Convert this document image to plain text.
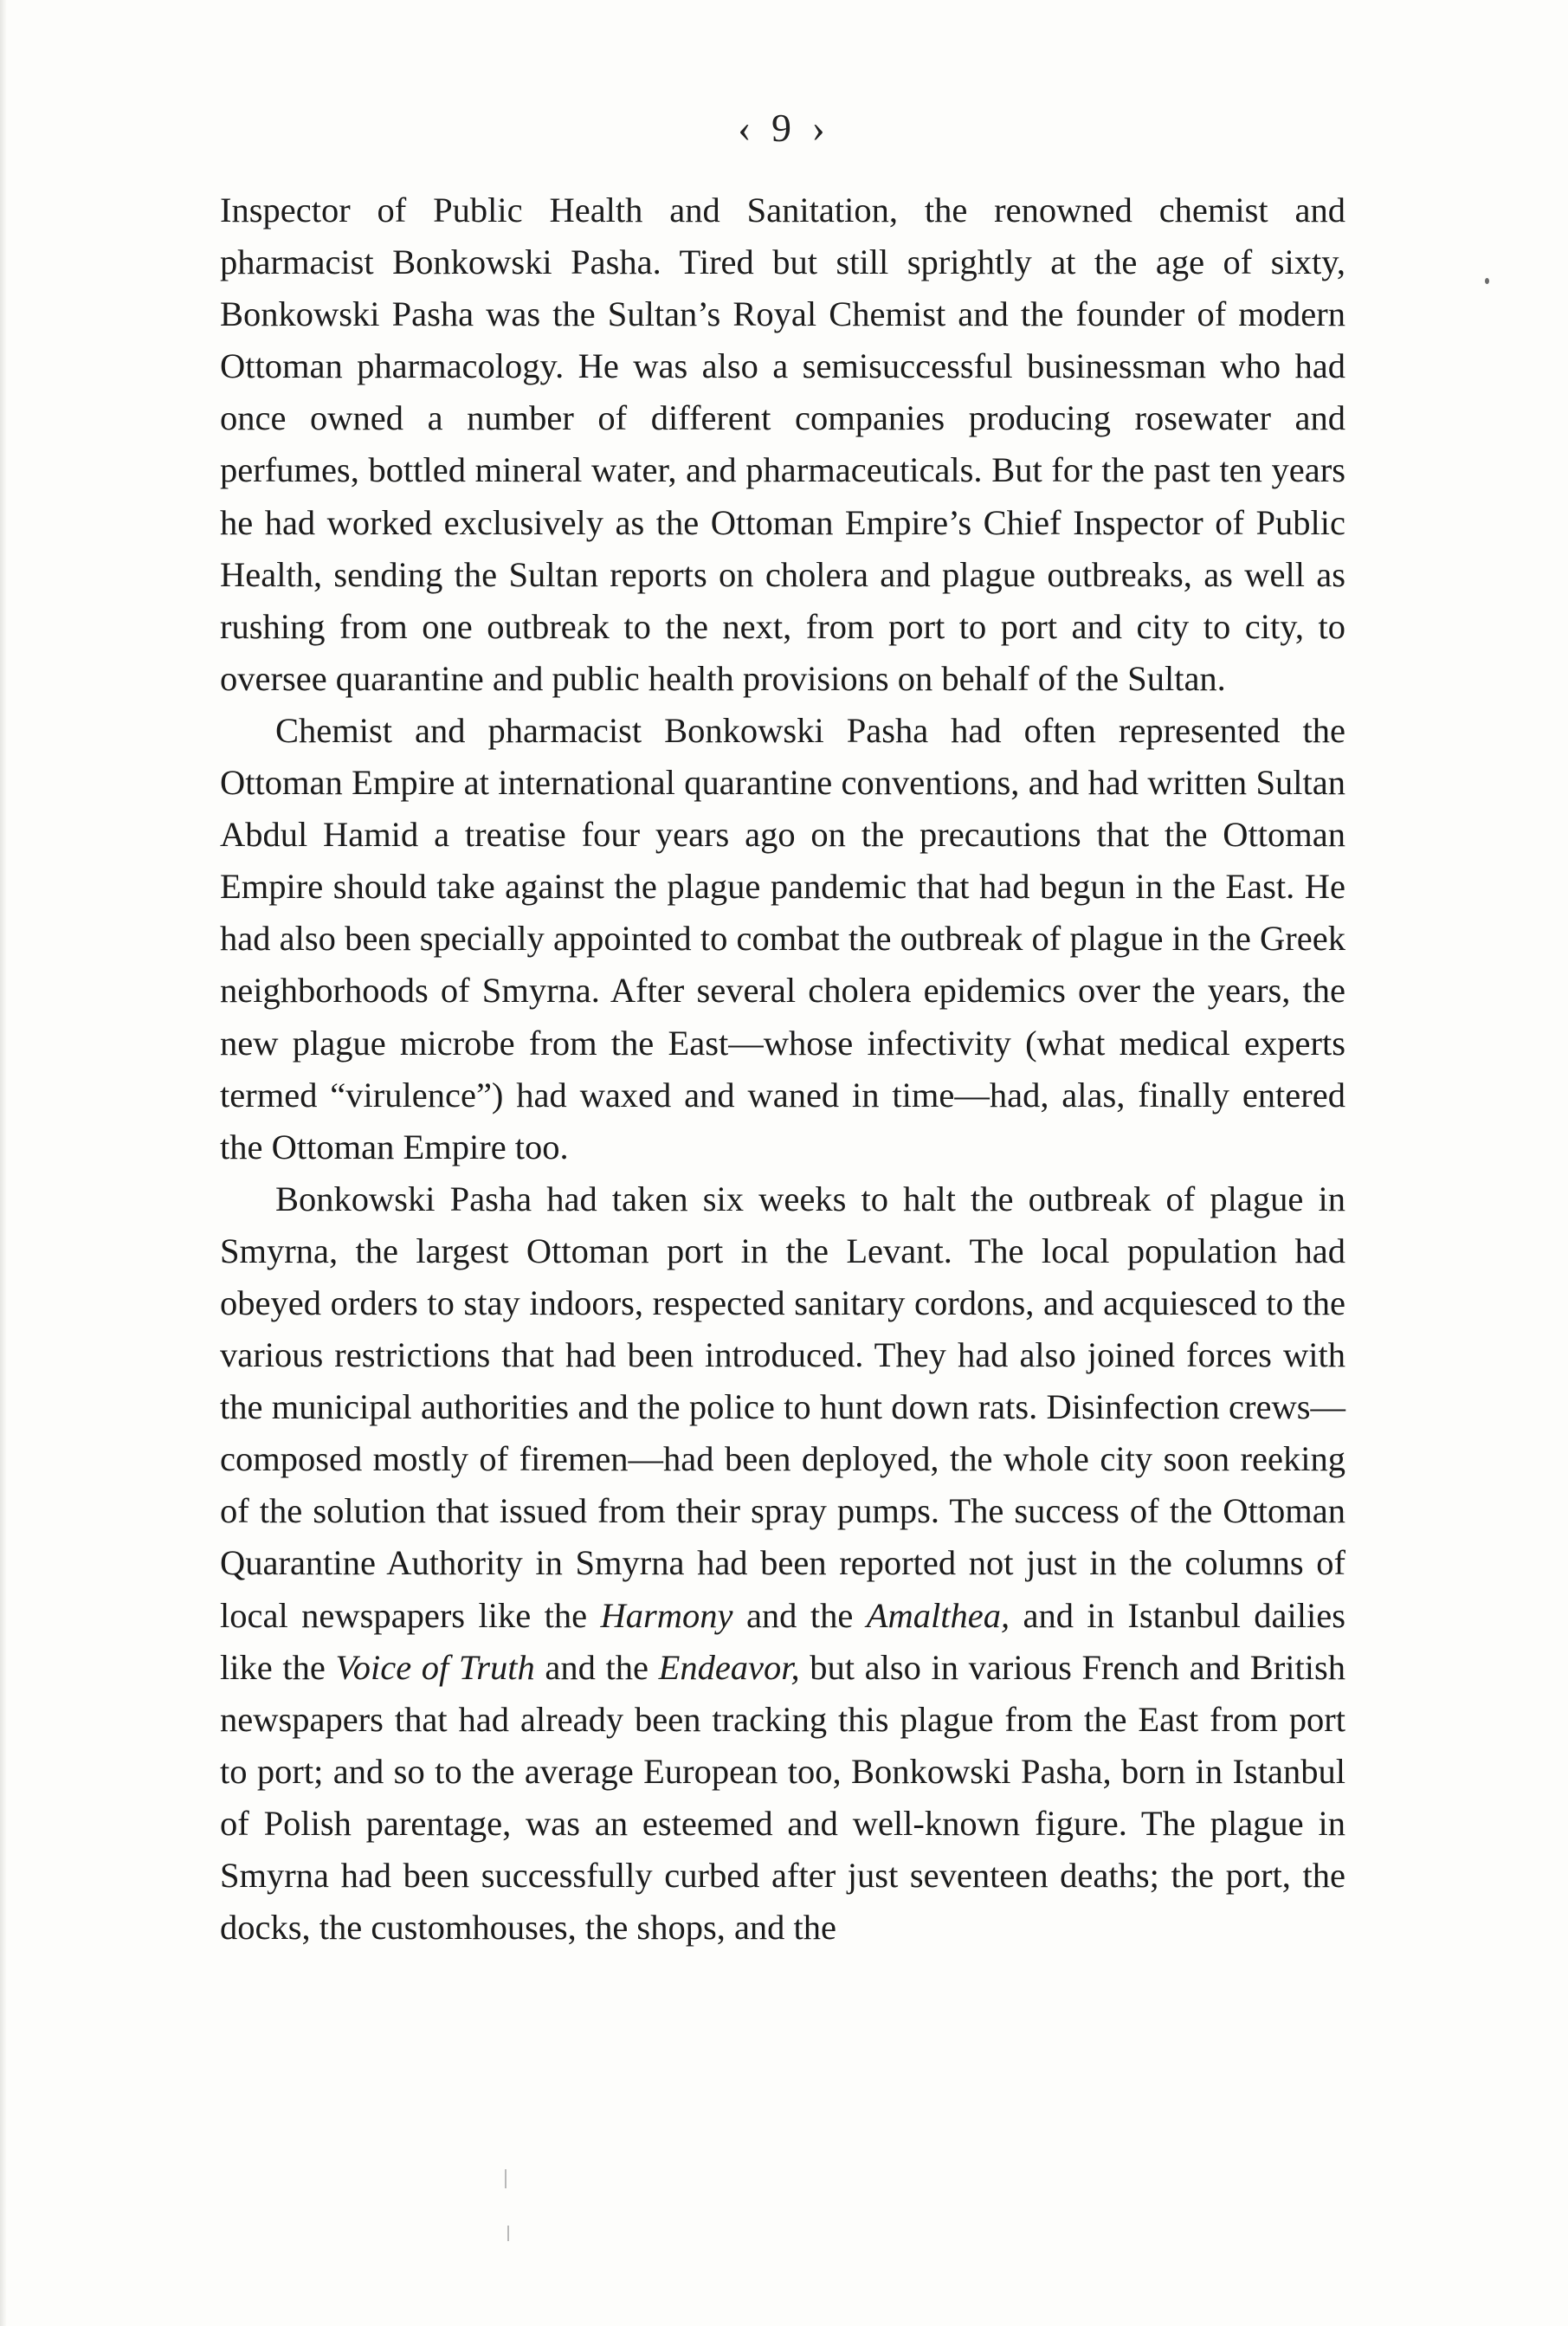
‹ 9 ›

Inspector of Public Health and Sanitation, the renowned chemist and pharmacist Bonkowski Pasha. Tired but still sprightly at the age of sixty, Bonkowski Pasha was the Sultan’s Royal Chemist and the founder of modern Ottoman pharmacology. He was also a semisuccessful businessman who had once owned a number of different companies producing rosewater and perfumes, bottled mineral water, and pharmaceuticals. But for the past ten years he had worked exclusively as the Ottoman Empire’s Chief Inspector of Public Health, sending the Sultan reports on cholera and plague outbreaks, as well as rushing from one outbreak to the next, from port to port and city to city, to oversee quarantine and public health provisions on behalf of the Sultan.

Chemist and pharmacist Bonkowski Pasha had often represented the Ottoman Empire at international quarantine conventions, and had written Sultan Abdul Hamid a treatise four years ago on the precautions that the Ottoman Empire should take against the plague pandemic that had begun in the East. He had also been specially appointed to combat the outbreak of plague in the Greek neighborhoods of Smyrna. After several cholera epidemics over the years, the new plague microbe from the East—whose infectivity (what medical experts termed “virulence”) had waxed and waned in time—had, alas, finally entered the Ottoman Empire too.

Bonkowski Pasha had taken six weeks to halt the outbreak of plague in Smyrna, the largest Ottoman port in the Levant. The local population had obeyed orders to stay indoors, respected sanitary cordons, and acquiesced to the various restrictions that had been introduced. They had also joined forces with the municipal authorities and the police to hunt down rats. Disinfection crews—composed mostly of firemen—had been deployed, the whole city soon reeking of the solution that issued from their spray pumps. The success of the Ottoman Quarantine Authority in Smyrna had been reported not just in the columns of local newspapers like the Harmony and the Amalthea, and in Istanbul dailies like the Voice of Truth and the Endeavor, but also in various French and British newspapers that had already been tracking this plague from the East from port to port; and so to the average European too, Bonkowski Pasha, born in Istanbul of Polish parentage, was an esteemed and well-known figure. The plague in Smyrna had been successfully curbed after just seventeen deaths; the port, the docks, the customhouses, the shops, and the
